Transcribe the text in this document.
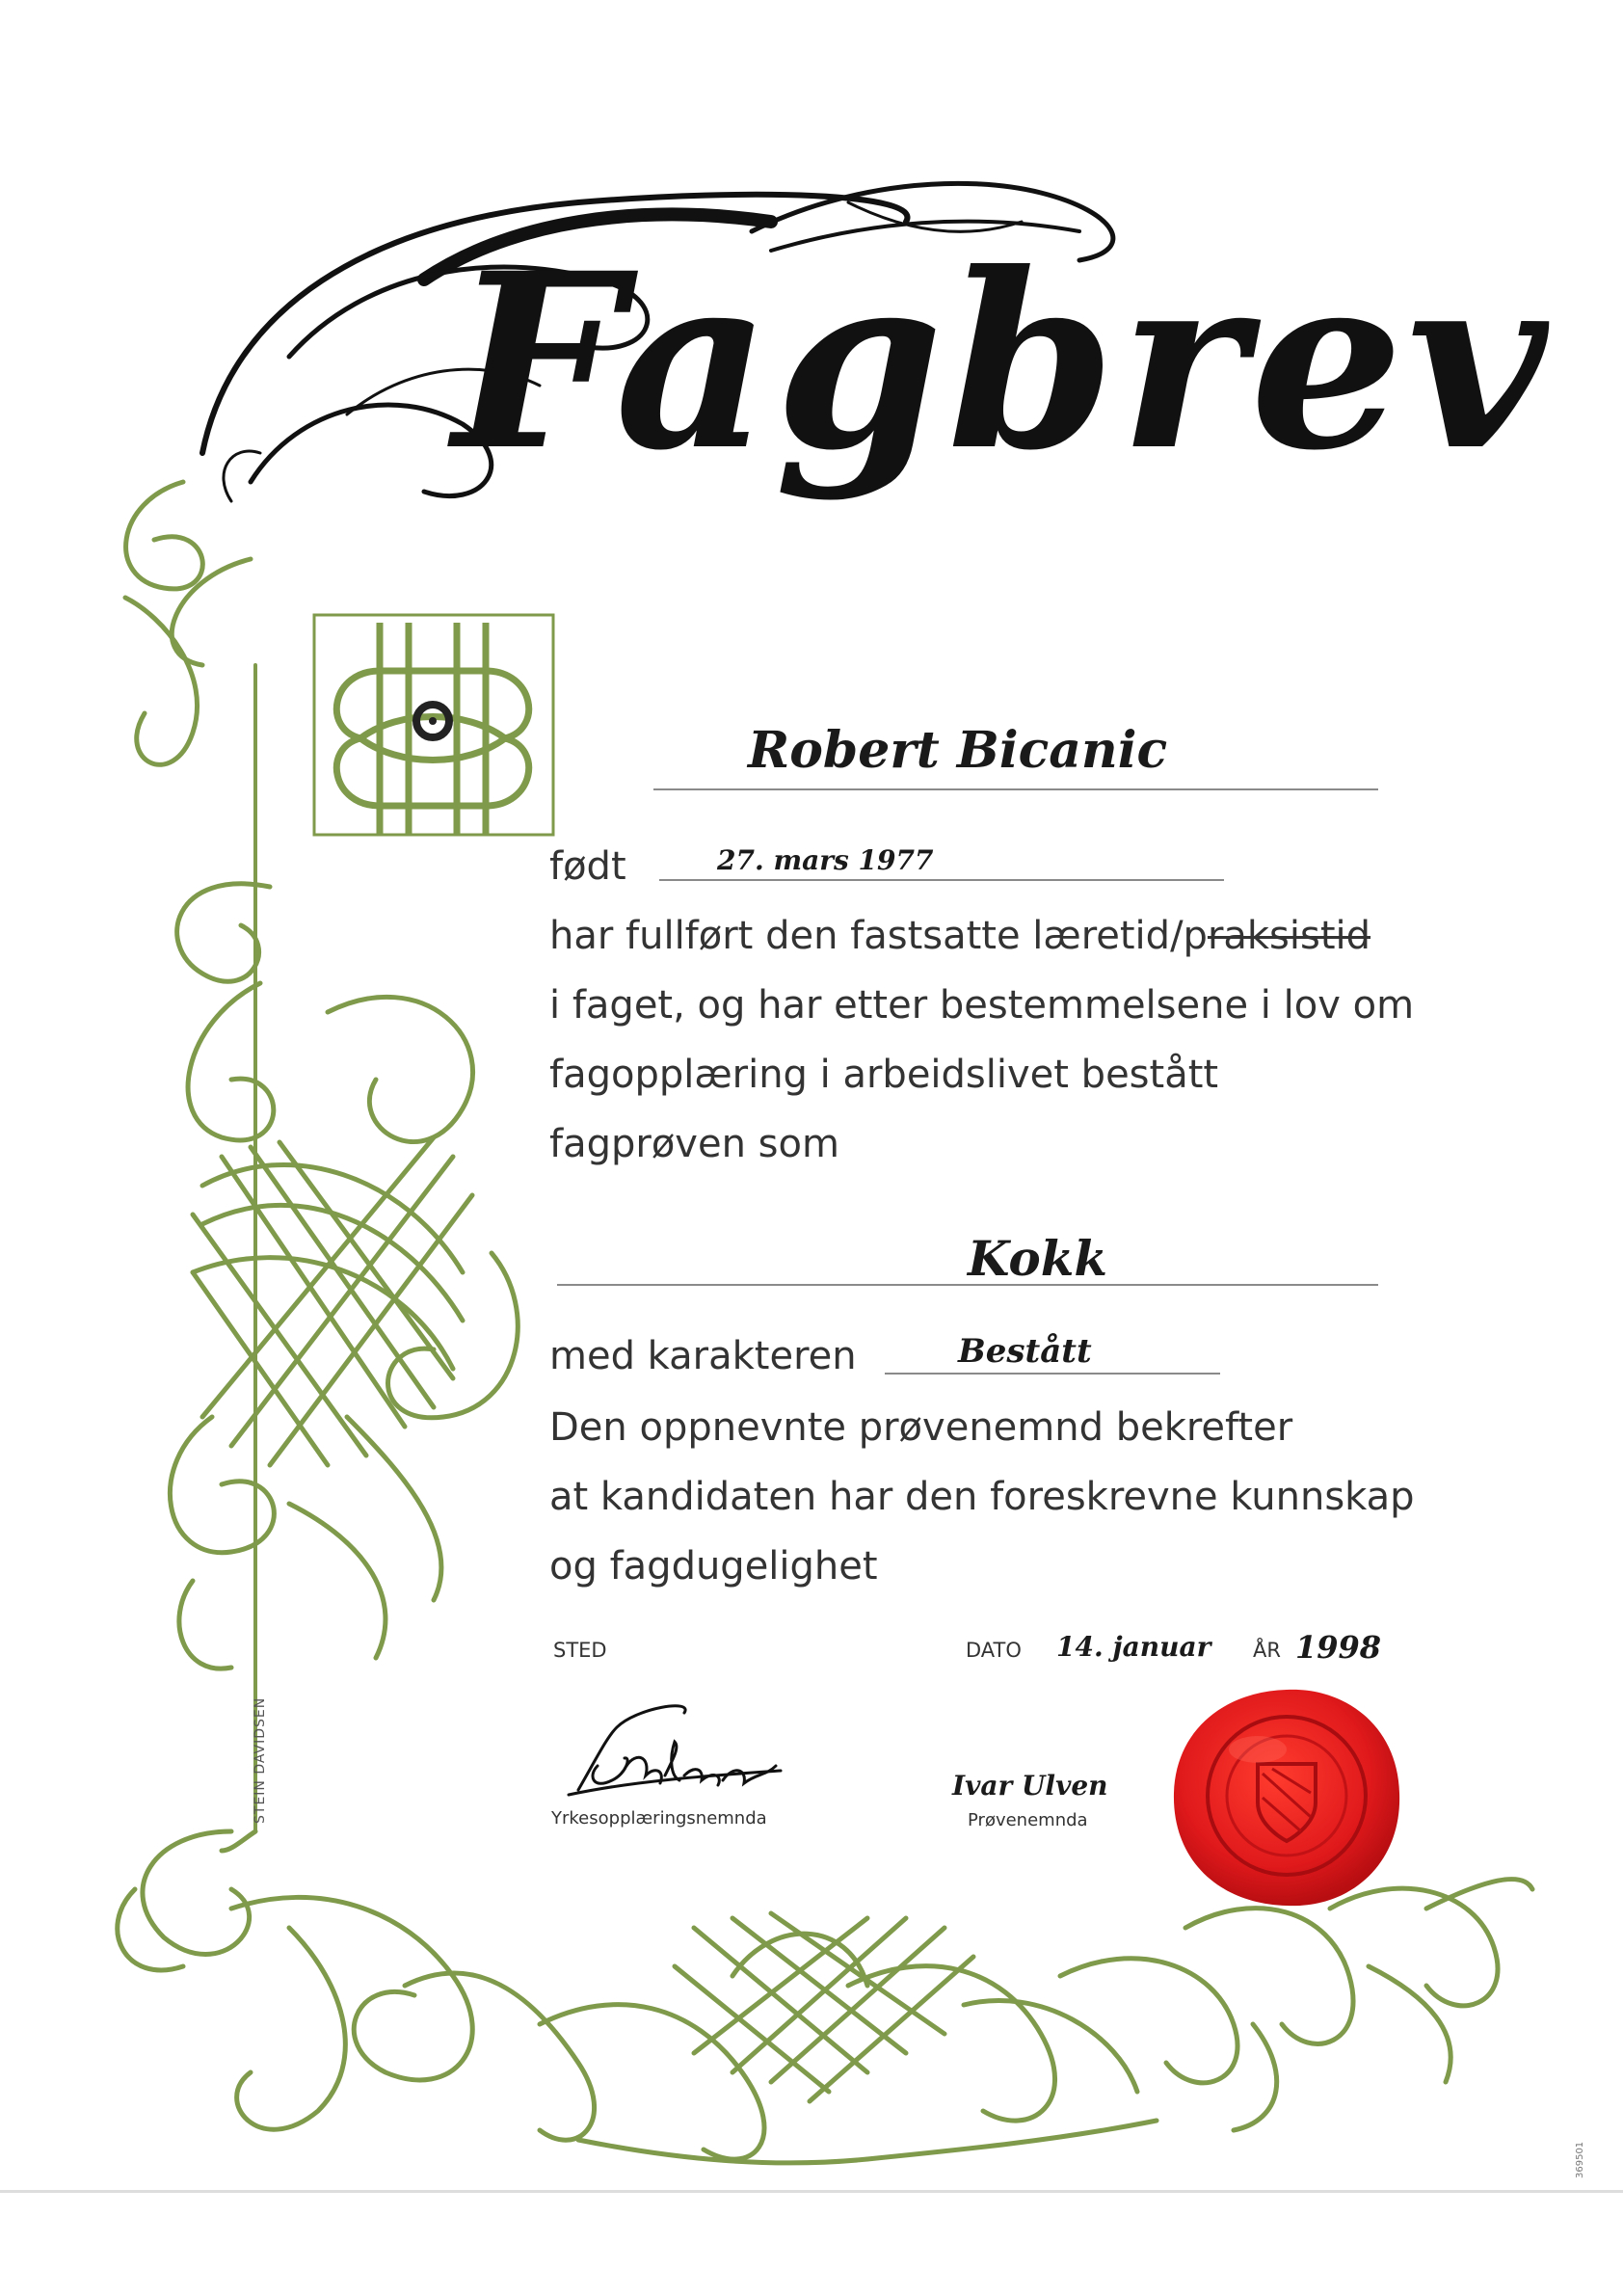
Fagbrev
Robert Bicanic
født	27. mars 1977
har fullført den fastsatte læretid/praksistid
i faget, og har etter bestemmelsene i lov om
fagopplæring i arbeidslivet bestått
fagprøven som
Kokk
med karakteren	Bestått
Den oppnevnte prøvenemnd bekrefter
at kandidaten har den foreskrevne kunnskap
og fagdugelighet
STED	DATO 14. januar ÅR 1998
Yrkesopplæringsnemnda
Ivar Ulven
Prøvenemnda
STEIN DAVIDSEN
369501
